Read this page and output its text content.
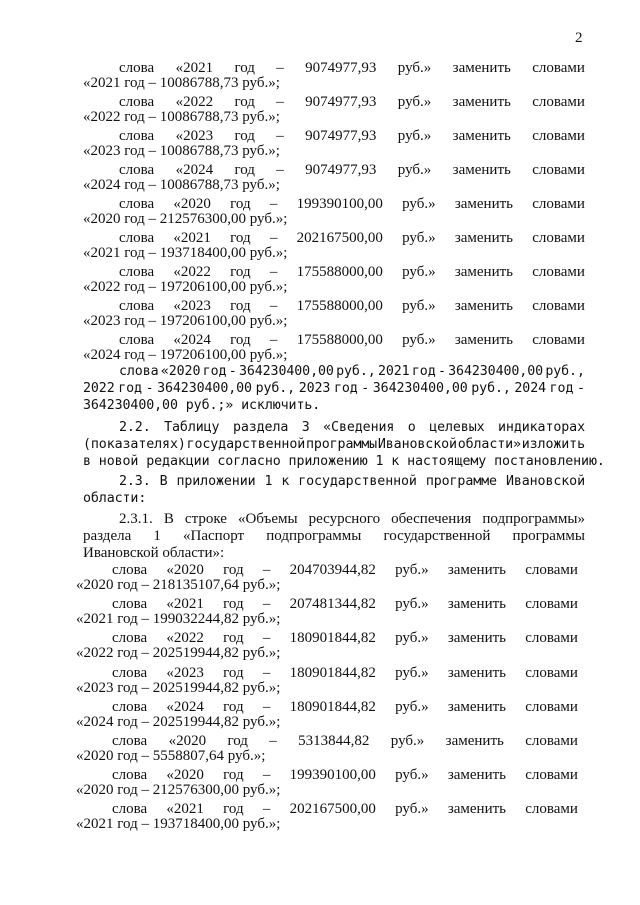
2
слова «2021 год – 9074977,93 руб.» заменить словами
«2021 год – 10086788,73 руб.»;
слова «2022 год – 9074977,93 руб.» заменить словами
«2022 год – 10086788,73 руб.»;
слова «2023 год – 9074977,93 руб.» заменить словами
«2023 год – 10086788,73 руб.»;
слова «2024 год – 9074977,93 руб.» заменить словами
«2024 год – 10086788,73 руб.»;
слова «2020 год – 199390100,00 руб.» заменить словами
«2020 год – 212576300,00 руб.»;
слова «2021 год – 202167500,00 руб.» заменить словами
«2021 год – 193718400,00 руб.»;
слова «2022 год – 175588000,00 руб.» заменить словами
«2022 год – 197206100,00 руб.»;
слова «2023 год – 175588000,00 руб.» заменить словами
«2023 год – 197206100,00 руб.»;
слова «2024 год – 175588000,00 руб.» заменить словами
«2024 год – 197206100,00 руб.»;
слова «2020 год - 364230400,00 руб., 2021 год - 364230400,00 руб.,
2022 год - 364230400,00 руб., 2023 год - 364230400,00 руб., 2024 год -
364230400,00 руб.;» исключить.
2.2. Таблицу раздела 3 «Сведения о целевых индикаторах
(показателях) государственной программы Ивановской области» изложить
в новой редакции согласно приложению 1 к настоящему постановлению.
2.3. В приложении 1 к государственной программе Ивановской
области:
2.3.1. В строке «Объемы ресурсного обеспечения подпрограммы»
раздела 1 «Паспорт подпрограммы государственной программы
Ивановской области»:
слова «2020 год – 204703944,82 руб.» заменить словами
«2020 год – 218135107,64 руб.»;
слова «2021 год – 207481344,82 руб.» заменить словами
«2021 год – 199032244,82 руб.»;
слова «2022 год – 180901844,82 руб.» заменить словами
«2022 год – 202519944,82 руб.»;
слова «2023 год – 180901844,82 руб.» заменить словами
«2023 год – 202519944,82 руб.»;
слова «2024 год – 180901844,82 руб.» заменить словами
«2024 год – 202519944,82 руб.»;
слова «2020 год – 5313844,82 руб.» заменить словами
«2020 год – 5558807,64 руб.»;
слова «2020 год – 199390100,00 руб.» заменить словами
«2020 год – 212576300,00 руб.»;
слова «2021 год – 202167500,00 руб.» заменить словами
«2021 год – 193718400,00 руб.»;
